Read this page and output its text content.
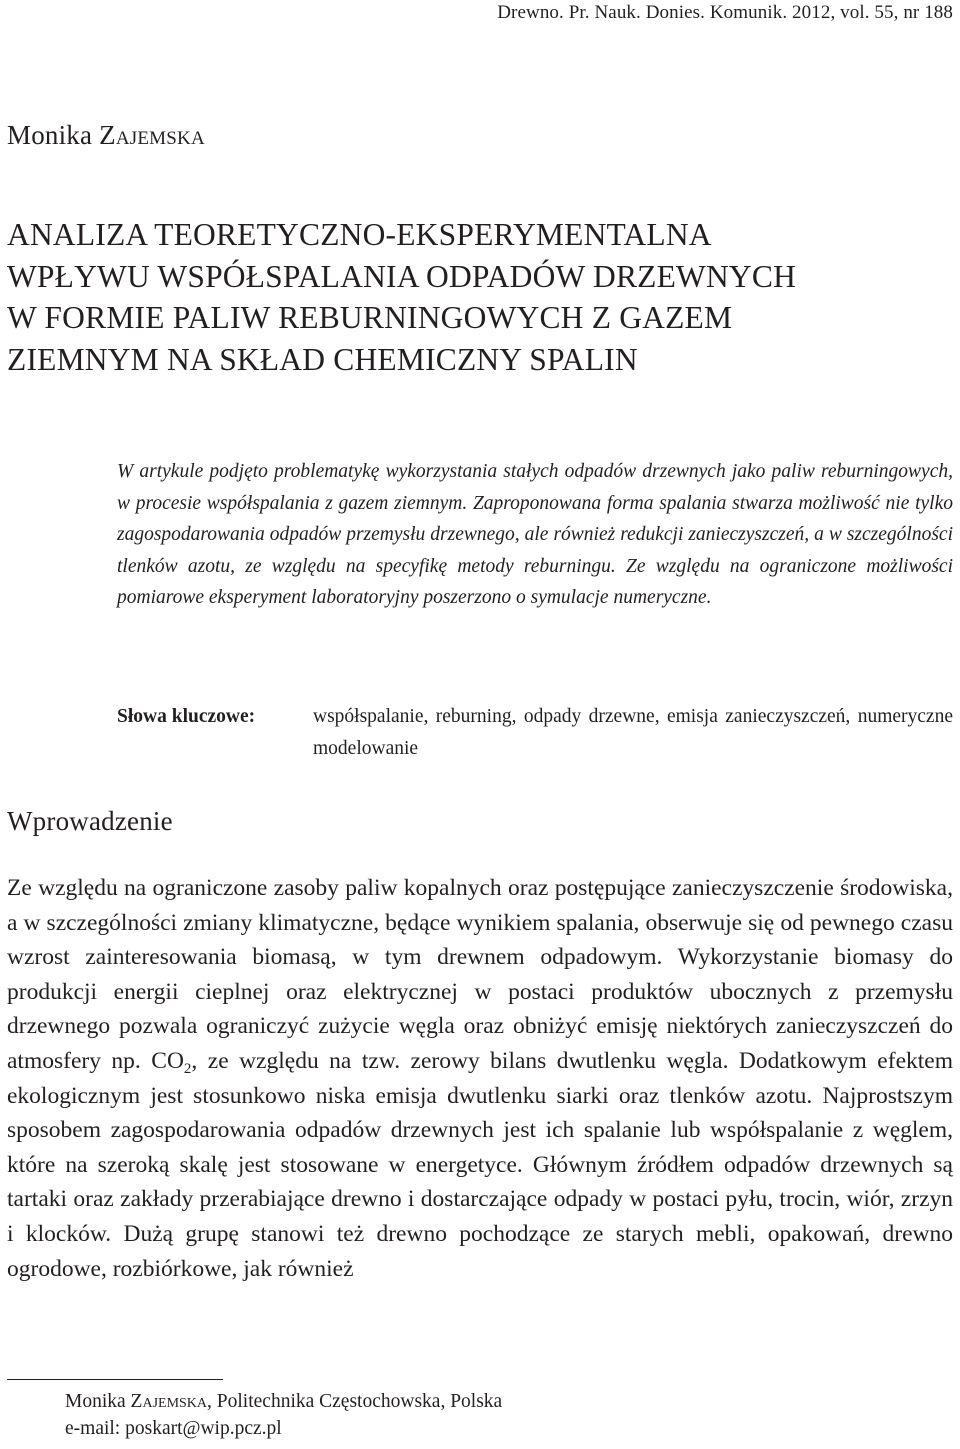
Drewno. Pr. Nauk. Donies. Komunik. 2012, vol. 55, nr 188
Monika Zajemska
ANALIZA TEORETYCZNO-EKSPERYMENTALNA
WPŁYWU WSPÓŁSPALANIA ODPADÓW DRZEWNYCH
W FORMIE PALIW REBURNINGOWYCH Z GAZEM
ZIEMNYM NA SKŁAD CHEMICZNY SPALIN

W artykule podjęto problematykę wykorzystania stałych odpadów drzewnych jako paliw reburningowych, w procesie współspalania z gazem ziemnym. Zaproponowana forma spalania stwarza możliwość nie tylko zagospodarowania odpadów przemysłu drzewnego, ale również redukcji zanieczyszczeń, a w szczególności tlenków azotu, ze względu na specyfikę metody reburningu. Ze względu na ograniczone możliwości pomiarowe eksperyment laboratoryjny poszerzono o symulacje numeryczne.

Słowa kluczowe:	współspalanie, reburning, odpady drzewne, emisja zanieczyszczeń, numeryczne modelowanie
Wprowadzenie

Ze względu na ograniczone zasoby paliw kopalnych oraz postępujące zanieczyszczenie środowiska, a w szczególności zmiany klimatyczne, będące wynikiem spalania, obserwuje się od pewnego czasu wzrost zainteresowania biomasą, w tym drewnem odpadowym. Wykorzystanie biomasy do produkcji energii cieplnej oraz elektrycznej w postaci produktów ubocznych z przemysłu drzewnego pozwala ograniczyć zużycie węgla oraz obniżyć emisję niektórych zanieczyszczeń do atmosfery np. $CO_2$, ze względu na tzw. zerowy bilans dwutlenku węgla. Dodatkowym efektem ekologicznym jest stosunkowo niska emisja dwutlenku siarki oraz tlenków azotu. Najprostszym sposobem zagospodarowania odpadów drzewnych jest ich spalanie lub współspalanie z węglem, które na szeroką skalę jest stosowane w energetyce. Głównym źródłem odpadów drzewnych są tartaki oraz zakłady przerabiające drewno i dostarczające odpady w postaci pyłu, trocin, wiór, zrzyn i klocków. Dużą grupę stanowi też drewno pochodzące ze starych mebli, opakowań, drewno ogrodowe, rozbiórkowe, jak również

Monika Zajemska, Politechnika Częstochowska, Polska
e-mail: poskart@wip.pcz.pl
